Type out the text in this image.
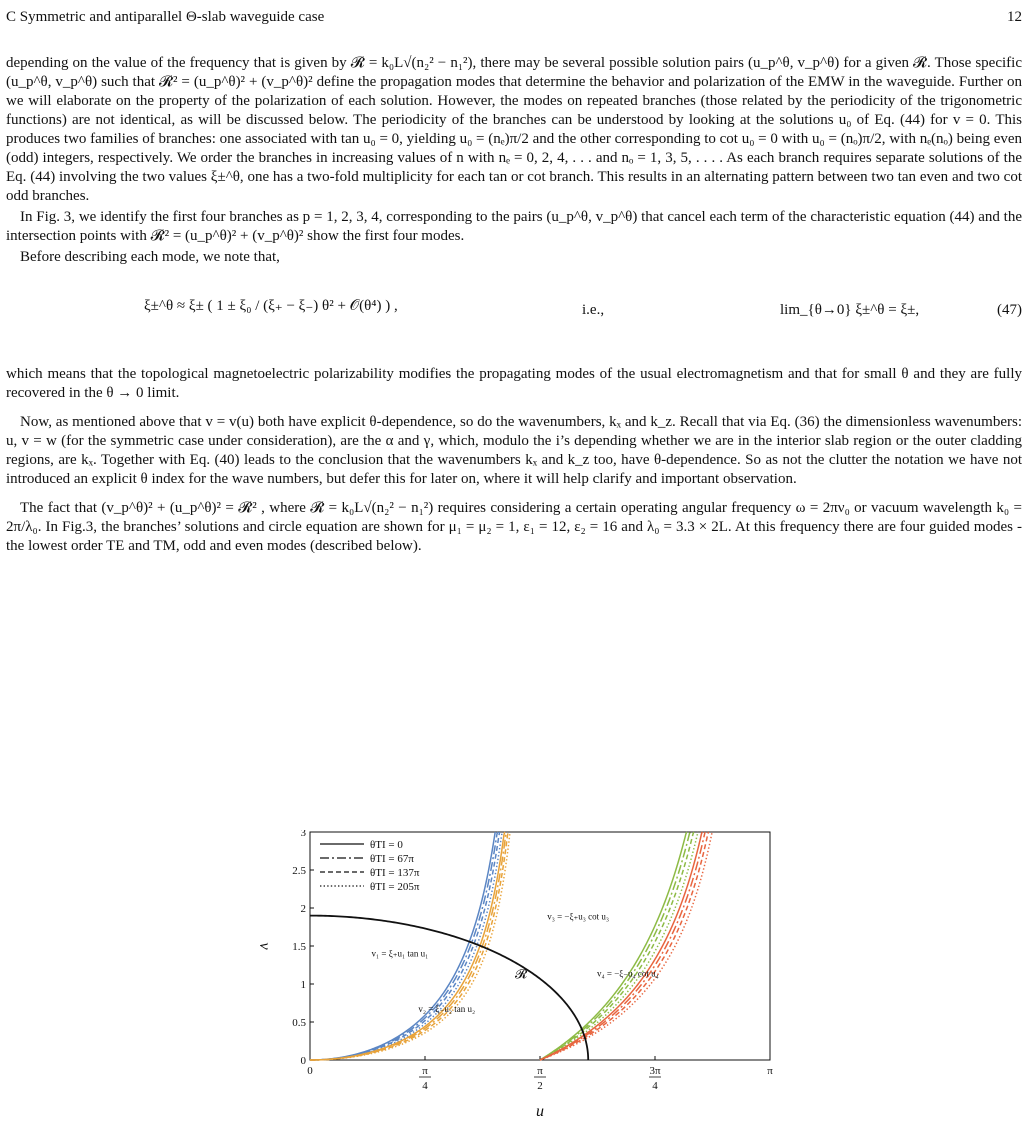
C Symmetric and antiparallel Θ-slab waveguide case	12

depending on the value of the frequency that is given by 𝓡 = k₀L√(n₂² − n₁²), there may be several possible solution pairs (u_p^θ, v_p^θ) for a given 𝓡. Those specific (u_p^θ, v_p^θ) such that 𝓡² = (u_p^θ)² + (v_p^θ)² define the propagation modes that determine the behavior and polarization of the EMW in the waveguide. Further on we will elaborate on the property of the polarization of each solution. However, the modes on repeated branches (those related by the periodicity of the trigonometric functions) are not identical, as will be discussed below. The periodicity of the branches can be understood by looking at the solutions u₀ of Eq. (44) for v = 0. This produces two families of branches: one associated with tan u₀ = 0, yielding u₀ = (nₑ)π/2 and the other corresponding to cot u₀ = 0 with u₀ = (nₒ)π/2, with nₑ(nₒ) being even (odd) integers, respectively. We order the branches in increasing values of n with nₑ = 0, 2, 4, . . . and nₒ = 1, 3, 5, . . . . As each branch requires separate solutions of the Eq. (44) involving the two values ξ±^θ, one has a two-fold multiplicity for each tan or cot branch. This results in an alternating pattern between two tan even and two cot odd branches.

In Fig. 3, we identify the first four branches as p = 1, 2, 3, 4, corresponding to the pairs (u_p^θ, v_p^θ) that cancel each term of the characteristic equation (44) and the intersection points with 𝓡² = (u_p^θ)² + (v_p^θ)² show the first four modes.

Before describing each mode, we note that,

ξ±^θ ≈ ξ± ( 1 ± ξ₀ / (ξ₊ − ξ₋) θ² + 𝒪(θ⁴) ) ,	i.e.,	lim_{θ→0} ξ±^θ = ξ±,	(47)

which means that the topological magnetoelectric polarizability modifies the propagating modes of the usual electromagnetism and that for small θ and they are fully recovered in the θ → 0 limit.

Now, as mentioned above that v = v(u) both have explicit θ-dependence, so do the wavenumbers, kₓ and k_z. Recall that via Eq. (36) the dimensionless wavenumbers: u, v = w (for the symmetric case under consideration), are the α and γ, which, modulo the i’s depending whether we are in the interior slab region or the outer cladding regions, are kₓ. Together with Eq. (40) leads to the conclusion that the wavenumbers kₓ and k_z too, have θ-dependence. So as not the clutter the notation we have not introduced an explicit θ index for the wave numbers, but defer this for later on, where it will help clarify and important observation.

The fact that (v_p^θ)² + (u_p^θ)² = 𝓡² , where 𝓡 = k₀L√(n₂² − n₁²) requires considering a certain operating angular frequency ω = 2πν₀ or vacuum wavelength k₀ = 2π/λ₀. In Fig.3, the branches’ solutions and circle equation are shown for μ₁ = μ₂ = 1, ε₁ = 12, ε₂ = 16 and λ₀ = 3.3 × 2L. At this frequency there are four guided modes - the lowest order TE and TM, odd and even modes (described below).

0
0.5
1
1.5
2
2.5
3
0	π
4
π
2
3π
4
π
u
v
v₁ = ξ₊u₁ tan u₁
v₂ = ξ₋u₂ tan u₂
v₃ = −ξ₊u₃ cot u₃
v₄ = −ξ₋u₄ cot u₄
𝓡
θTI = 0
θTI = 67π
θTI = 137π
θTI = 205π
